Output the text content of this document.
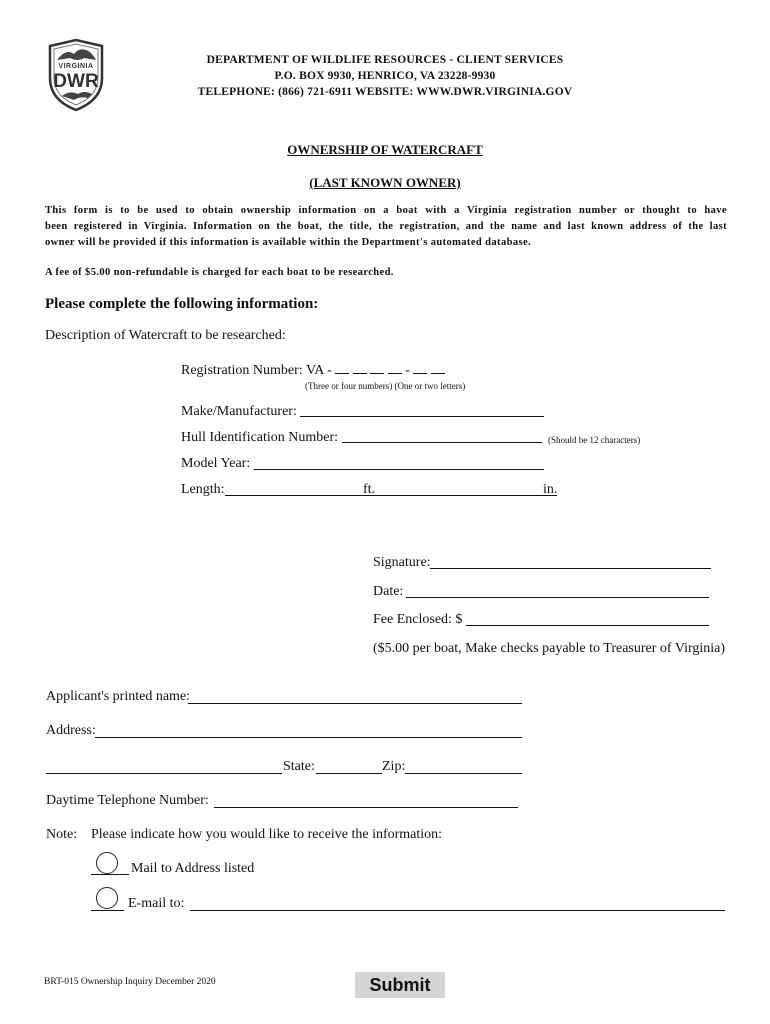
VIRGINIA
DWR
DEPARTMENT OF WILDLIFE RESOURCES - CLIENT SERVICES
P.O. BOX 9930, HENRICO, VA 23228-9930
TELEPHONE: (866) 721-6911 WEBSITE: WWW.DWR.VIRGINIA.GOV
OWNERSHIP OF WATERCRAFT
(LAST KNOWN OWNER)
This form is to be used to obtain ownership information on a boat with a Virginia registration number or thought to have
been registered in Virginia. Information on the boat, the title, the registration, and the name and last known address of the last
owner will be provided if this information is available within the Department's automated database.
A fee of $5.00 non-refundable is charged for each boat to be researched.
Please complete the following information:
Description of Watercraft to be researched:
Registration Number: VA -	-
(Three or four numbers) (One or two letters)
Make/Manufacturer:
Hull Identification Number:	(Should be 12 characters)
Model Year:
Length:	ft.	in.
Signature:
Date:
Fee Enclosed: $
($5.00 per boat, Make checks payable to Treasurer of Virginia)
Applicant's printed name:
Address:
State:	Zip:
Daytime Telephone Number:
Note: Please indicate how you would like to receive the information:
Mail to Address listed
E-mail to:
BRT-015 Ownership Inquiry December 2020	Submit
